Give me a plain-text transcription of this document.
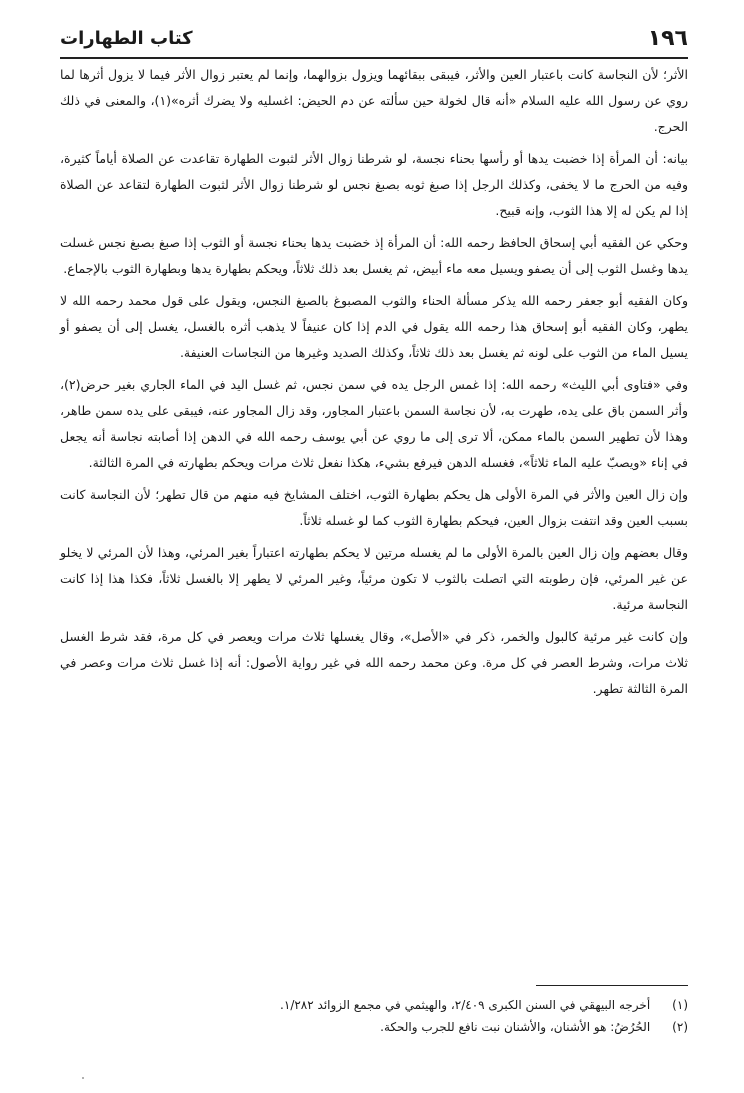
١٩٦
كتاب الطهارات

الأثر؛ لأن النجاسة كانت باعتبار العين والأثر، فيبقى ببقائهما ويزول بزوالهما، وإنما لم يعتبر زوال الأثر فيما لا يزول أثرها لما روي عن رسول الله عليه السلام «أنه قال لخولة حين سألته عن دم الحيض: اغسليه ولا يضرك أثره»(١)، والمعنى في ذلك الحرج.

بيانه: أن المرأة إذا خضبت يدها أو رأسها بحناء نجسة، لو شرطنا زوال الأثر لثبوت الطهارة تقاعدت عن الصلاة أياماً كثيرة، وفيه من الحرج ما لا يخفى، وكذلك الرجل إذا صبغ ثوبه بصبغ نجس لو شرطنا زوال الأثر لثبوت الطهارة لتقاعد عن الصلاة إذا لم يكن له إلا هذا الثوب، وإنه قبيح.

وحكي عن الفقيه أبي إسحاق الحافظ رحمه الله: أن المرأة إذ خضبت يدها بحناء نجسة أو الثوب إذا صبغ بصبغ نجس غسلت يدها وغسل الثوب إلى أن يصفو ويسيل معه ماء أبيض، ثم يغسل بعد ذلك ثلاثاً، ويحكم بطهارة يدها وبطهارة الثوب بالإجماع.

وكان الفقيه أبو جعفر رحمه الله يذكر مسألة الحناء والثوب المصبوغ بالصبغ النجس، ويقول على قول محمد رحمه الله لا يطهر، وكان الفقيه أبو إسحاق هذا رحمه الله يقول في الدم إذا كان عنيفاً لا يذهب أثره بالغسل، يغسل إلى أن يصفو أو يسيل الماء من الثوب على لونه ثم يغسل بعد ذلك ثلاثاً، وكذلك الصديد وغيرها من النجاسات العنيفة.

وفي «فتاوى أبي الليث» رحمه الله: إذا غمس الرجل يده في سمن نجس، ثم غسل اليد في الماء الجاري بغير حرض(٢)، وأثر السمن باق على يده، طهرت به، لأن نجاسة السمن باعتبار المجاور، وقد زال المجاور عنه، فيبقى على يده سمن طاهر، وهذا لأن تطهير السمن بالماء ممكن، ألا ترى إلى ما روي عن أبي يوسف رحمه الله في الدهن إذا أصابته نجاسة أنه يجعل في إناء «ويصبّ عليه الماء ثلاثاً»، فغسله الدهن فيرفع بشيء، هكذا نفعل ثلاث مرات ويحكم بطهارته في المرة الثالثة.

وإن زال العين والأثر في المرة الأولى هل يحكم بطهارة الثوب، اختلف المشايخ فيه منهم من قال تطهر؛ لأن النجاسة كانت بسبب العين وقد انتفت بزوال العين، فيحكم بطهارة الثوب كما لو غسله ثلاثاً.

وقال بعضهم وإن زال العين بالمرة الأولى ما لم يغسله مرتين لا يحكم بطهارته اعتباراً بغير المرئي، وهذا لأن المرئي لا يخلو عن غير المرئي، فإن رطوبته التي اتصلت بالثوب لا تكون مرئياً، وغير المرئي لا يطهر إلا بالغسل ثلاثاً، فكذا هذا إذا كانت النجاسة مرئية.

وإن كانت غير مرئية كالبول والخمر، ذكر في «الأصل»، وقال يغسلها ثلاث مرات ويعصر في كل مرة، فقد شرط الغسل ثلاث مرات، وشرط العصر في كل مرة. وعن محمد رحمه الله في غير رواية الأصول: أنه إذا غسل ثلاث مرات وعصر في المرة الثالثة تطهر.

(١) أخرجه البيهقي في السنن الكبرى ٢/٤٠٩، والهيثمي في مجمع الزوائد ١/٢٨٢.

(٢) الحُرُضُ: هو الأشنان، والأشنان نبت نافع للجرب والحكة.
